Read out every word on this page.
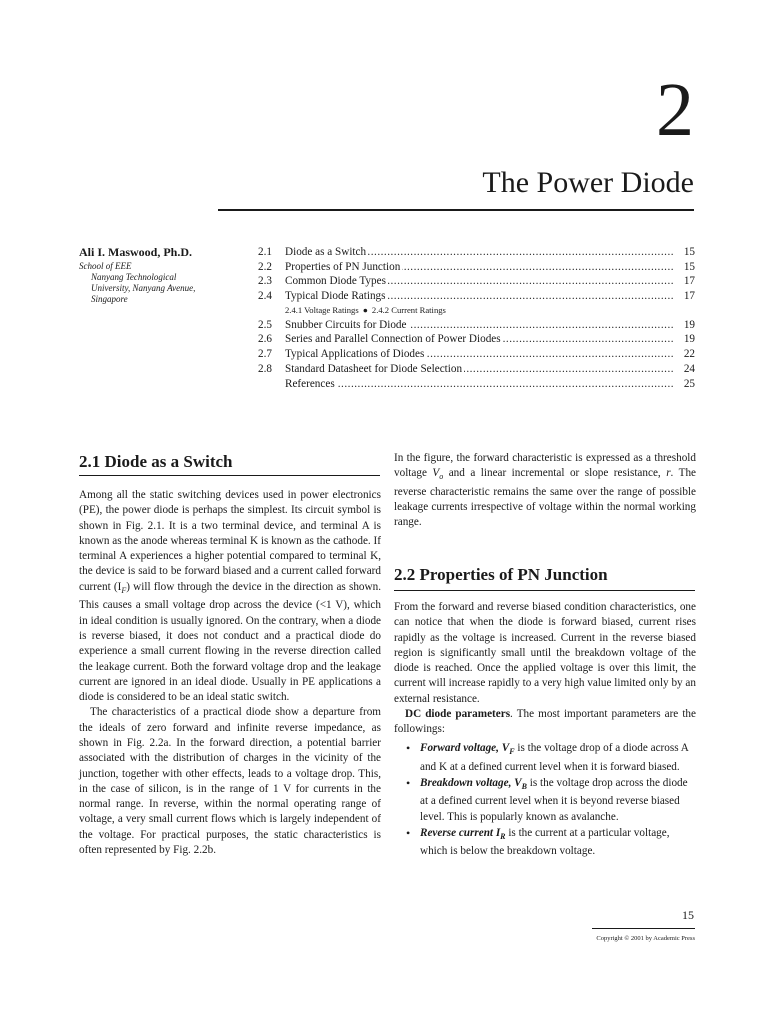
2
The Power Diode
Ali I. Maswood, Ph.D.
School of EEE
Nanyang Technological
University, Nanyang Avenue,
Singapore
2.1	Diode as a Switch .....	15
2.2	Properties of PN Junction .....	15
2.3	Common Diode Types .....	17
2.4	Typical Diode Ratings .....	17
2.4.1 Voltage Ratings ● 2.4.2 Current Ratings
2.5	Snubber Circuits for Diode .....	19
2.6	Series and Parallel Connection of Power Diodes .....	19
2.7	Typical Applications of Diodes .....	22
2.8	Standard Datasheet for Diode Selection .....	24
References .....	25
2.1 Diode as a Switch

Among all the static switching devices used in power electronics (PE), the power diode is perhaps the simplest. Its circuit symbol is shown in Fig. 2.1. It is a two terminal device, and terminal A is known as the anode whereas terminal K is known as the cathode. If terminal A experiences a higher potential compared to terminal K, the device is said to be forward biased and a current called forward current $(I_F)$ will flow through the device in the direction as shown. This causes a small voltage drop across the device (<1 V), which in ideal condition is usually ignored. On the contrary, when a diode is reverse biased, it does not conduct and a practical diode do experience a small current flowing in the reverse direction called the leakage current. Both the forward voltage drop and the leakage current are ignored in an ideal diode. Usually in PE applications a diode is considered to be an ideal static switch.

The characteristics of a practical diode show a departure from the ideals of zero forward and infinite reverse impedance, as shown in Fig. 2.2a. In the forward direction, a potential barrier associated with the distribution of charges in the vicinity of the junction, together with other effects, leads to a voltage drop. This, in the case of silicon, is in the range of 1 V for currents in the normal range. In reverse, within the normal operating range of voltage, a very small current flows which is largely independent of the voltage. For practical purposes, the static characteristics is often represented by Fig. 2.2b.

In the figure, the forward characteristic is expressed as a threshold voltage $V_o$ and a linear incremental or slope resistance, r. The reverse characteristic remains the same over the range of possible leakage currents irrespective of voltage within the normal working range.

2.2 Properties of PN Junction

From the forward and reverse biased condition characteristics, one can notice that when the diode is forward biased, current rises rapidly as the voltage is increased. Current in the reverse biased region is significantly small until the breakdown voltage of the diode is reached. Once the applied voltage is over this limit, the current will increase rapidly to a very high value limited only by an external resistance.

DC diode parameters. The most important parameters are the followings:

• Forward voltage, $V_F$ is the voltage drop of a diode across A and K at a defined current level when it is forward biased.
• Breakdown voltage, $V_B$ is the voltage drop across the diode at a defined current level when it is beyond reverse biased level. This is popularly known as avalanche.
• Reverse current $I_R$ is the current at a particular voltage, which is below the breakdown voltage.
15
Copyright © 2001 by Academic Press
